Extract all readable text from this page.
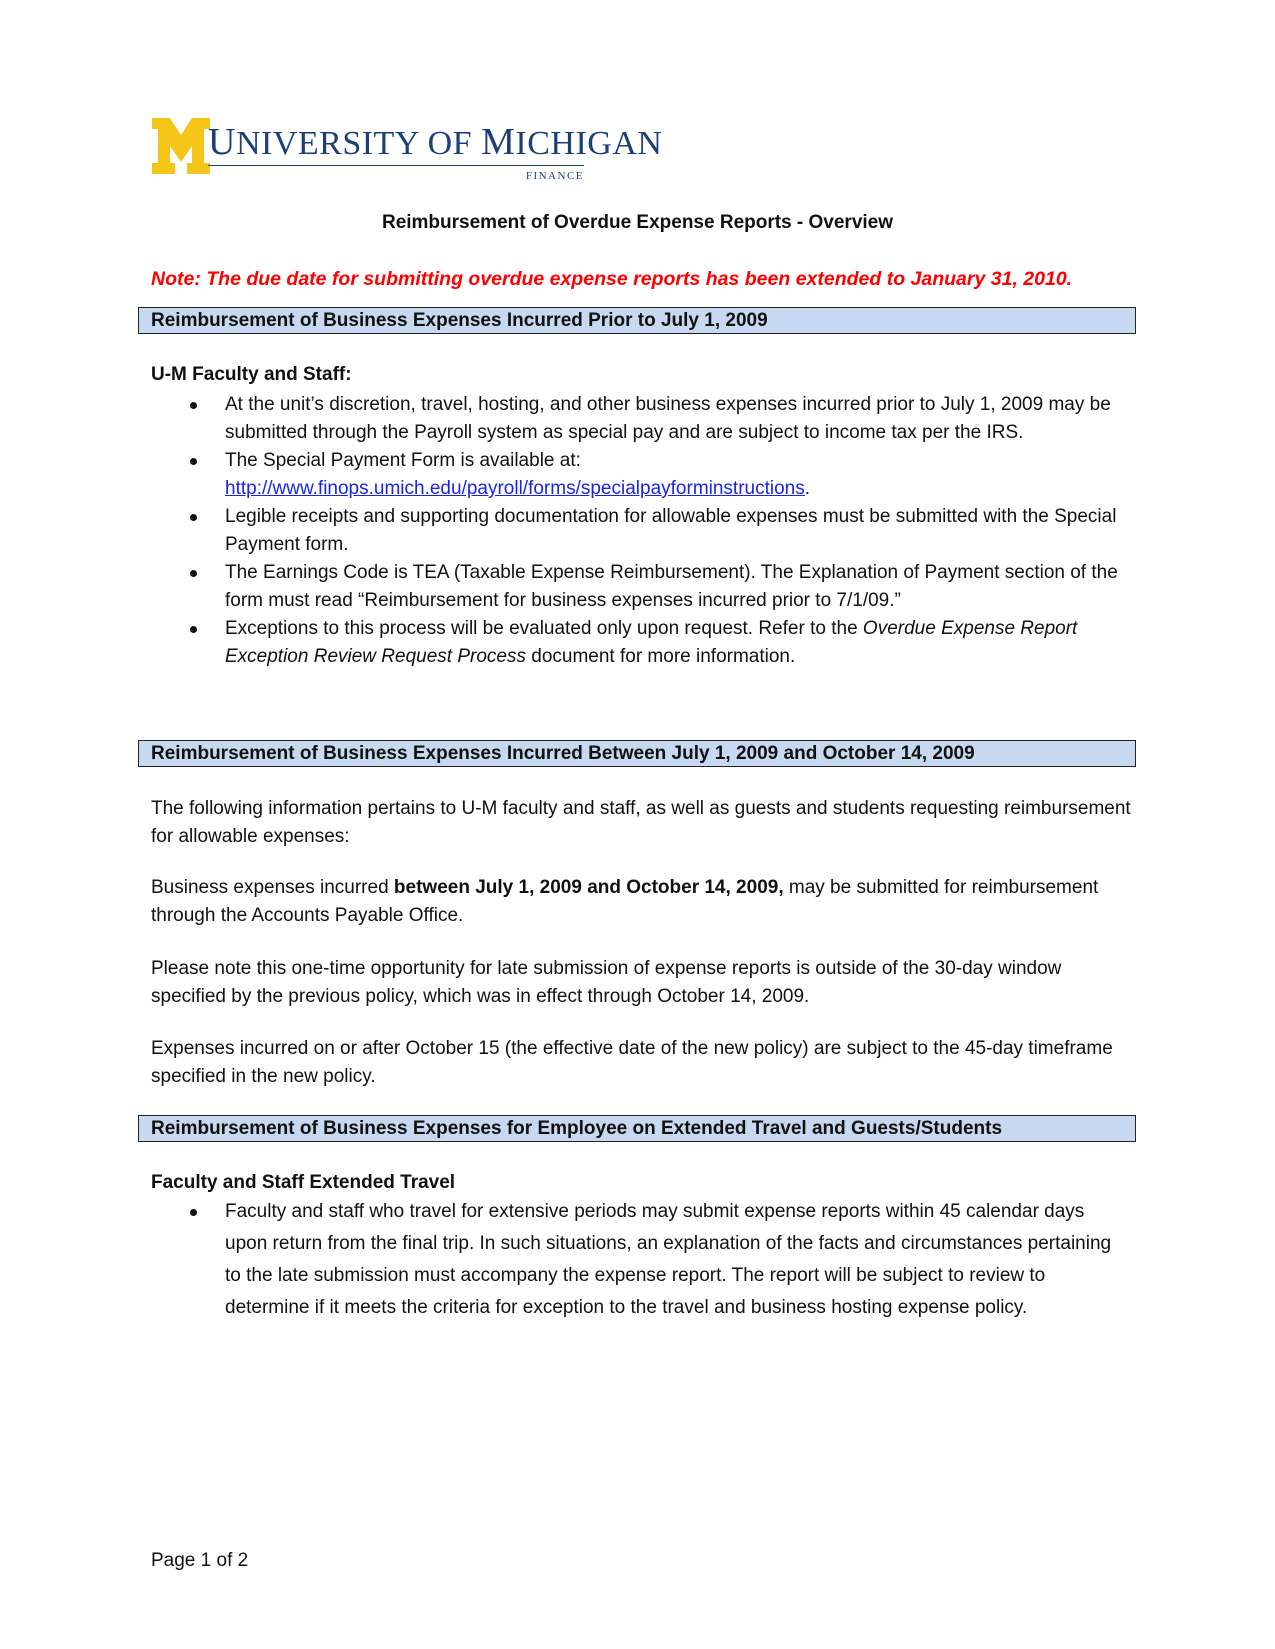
UNIVERSITY OF MICHIGAN
FINANCE
Reimbursement of Overdue Expense Reports - Overview
Note: The due date for submitting overdue expense reports has been extended to January 31, 2010.
Reimbursement of Business Expenses Incurred Prior to July 1, 2009
U-M Faculty and Staff:
At the unit’s discretion, travel, hosting, and other business expenses incurred prior to July 1, 2009 may be submitted through the Payroll system as special pay and are subject to income tax per the IRS.
The Special Payment Form is available at:
http://www.finops.umich.edu/payroll/forms/specialpayforminstructions.
Legible receipts and supporting documentation for allowable expenses must be submitted with the Special Payment form.
The Earnings Code is TEA (Taxable Expense Reimbursement). The Explanation of Payment section of the form must read “Reimbursement for business expenses incurred prior to 7/1/09.”
Exceptions to this process will be evaluated only upon request. Refer to the Overdue Expense Report Exception Review Request Process document for more information.
Reimbursement of Business Expenses Incurred Between July 1, 2009 and October 14, 2009
The following information pertains to U-M faculty and staff, as well as guests and students requesting reimbursement for allowable expenses:
Business expenses incurred between July 1, 2009 and October 14, 2009, may be submitted for reimbursement through the Accounts Payable Office.
Please note this one-time opportunity for late submission of expense reports is outside of the 30-day window specified by the previous policy, which was in effect through October 14, 2009.
Expenses incurred on or after October 15 (the effective date of the new policy) are subject to the 45-day timeframe specified in the new policy.
Reimbursement of Business Expenses for Employee on Extended Travel and Guests/Students
Faculty and Staff Extended Travel
Faculty and staff who travel for extensive periods may submit expense reports within 45 calendar days upon return from the final trip. In such situations, an explanation of the facts and circumstances pertaining to the late submission must accompany the expense report. The report will be subject to review to determine if it meets the criteria for exception to the travel and business hosting expense policy.
Page 1 of 2
